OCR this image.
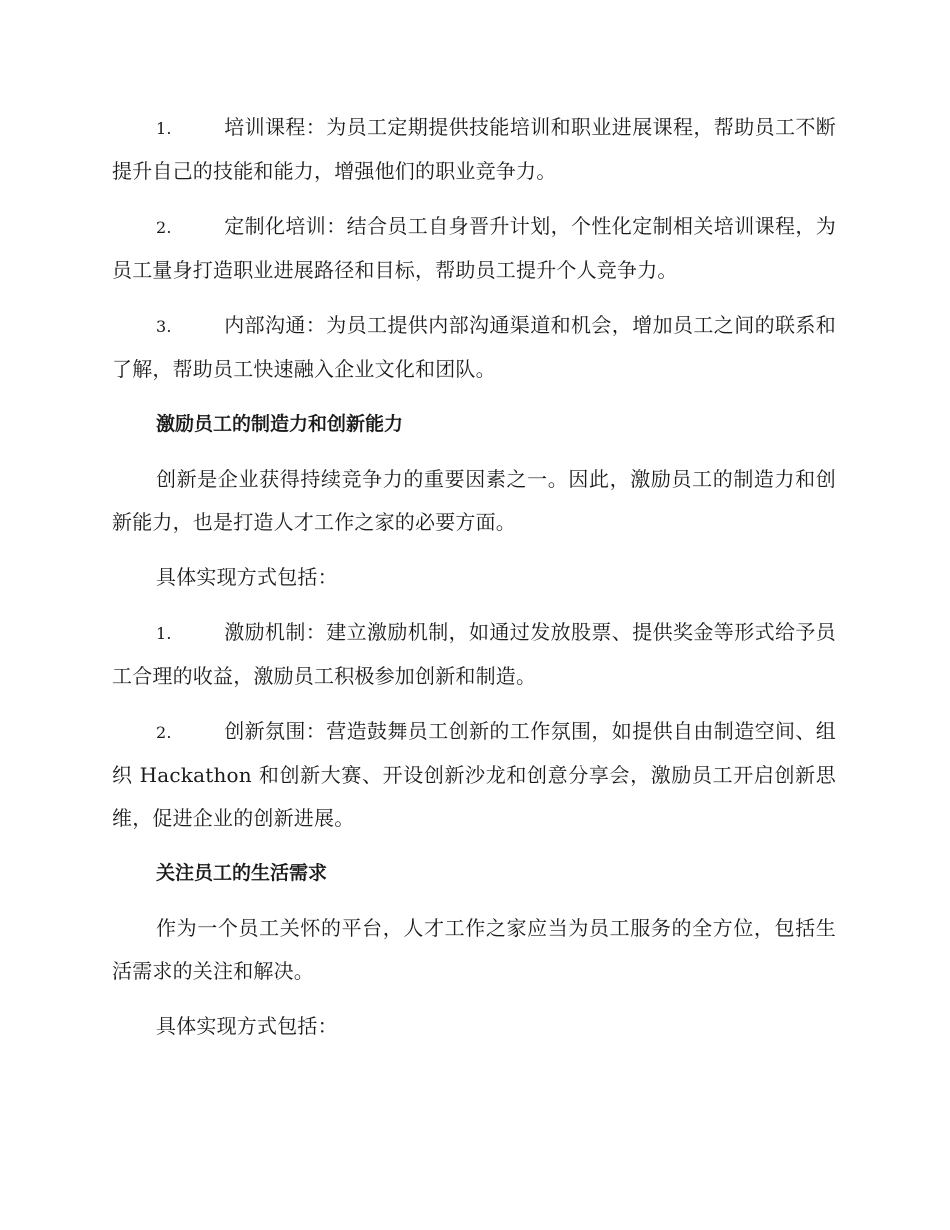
1.	培训课程：为员工定期提供技能培训和职业进展课程，帮助员工不断提升自己的技能和能力，增强他们的职业竞争力。
2.	定制化培训：结合员工自身晋升计划，个性化定制相关培训课程，为员工量身打造职业进展路径和目标，帮助员工提升个人竞争力。
3.	内部沟通：为员工提供内部沟通渠道和机会，增加员工之间的联系和了解，帮助员工快速融入企业文化和团队。
激励员工的制造力和创新能力

创新是企业获得持续竞争力的重要因素之一。因此，激励员工的制造力和创新能力，也是打造人才工作之家的必要方面。

具体实现方式包括：

1.	激励机制：建立激励机制，如通过发放股票、提供奖金等形式给予员工合理的收益，激励员工积极参加创新和制造。
2.	创新氛围：营造鼓舞员工创新的工作氛围，如提供自由制造空间、组织 Hackathon 和创新大赛、开设创新沙龙和创意分享会，激励员工开启创新思维，促进企业的创新进展。
关注员工的生活需求

作为一个员工关怀的平台，人才工作之家应当为员工服务的全方位，包括生活需求的关注和解决。

具体实现方式包括：
